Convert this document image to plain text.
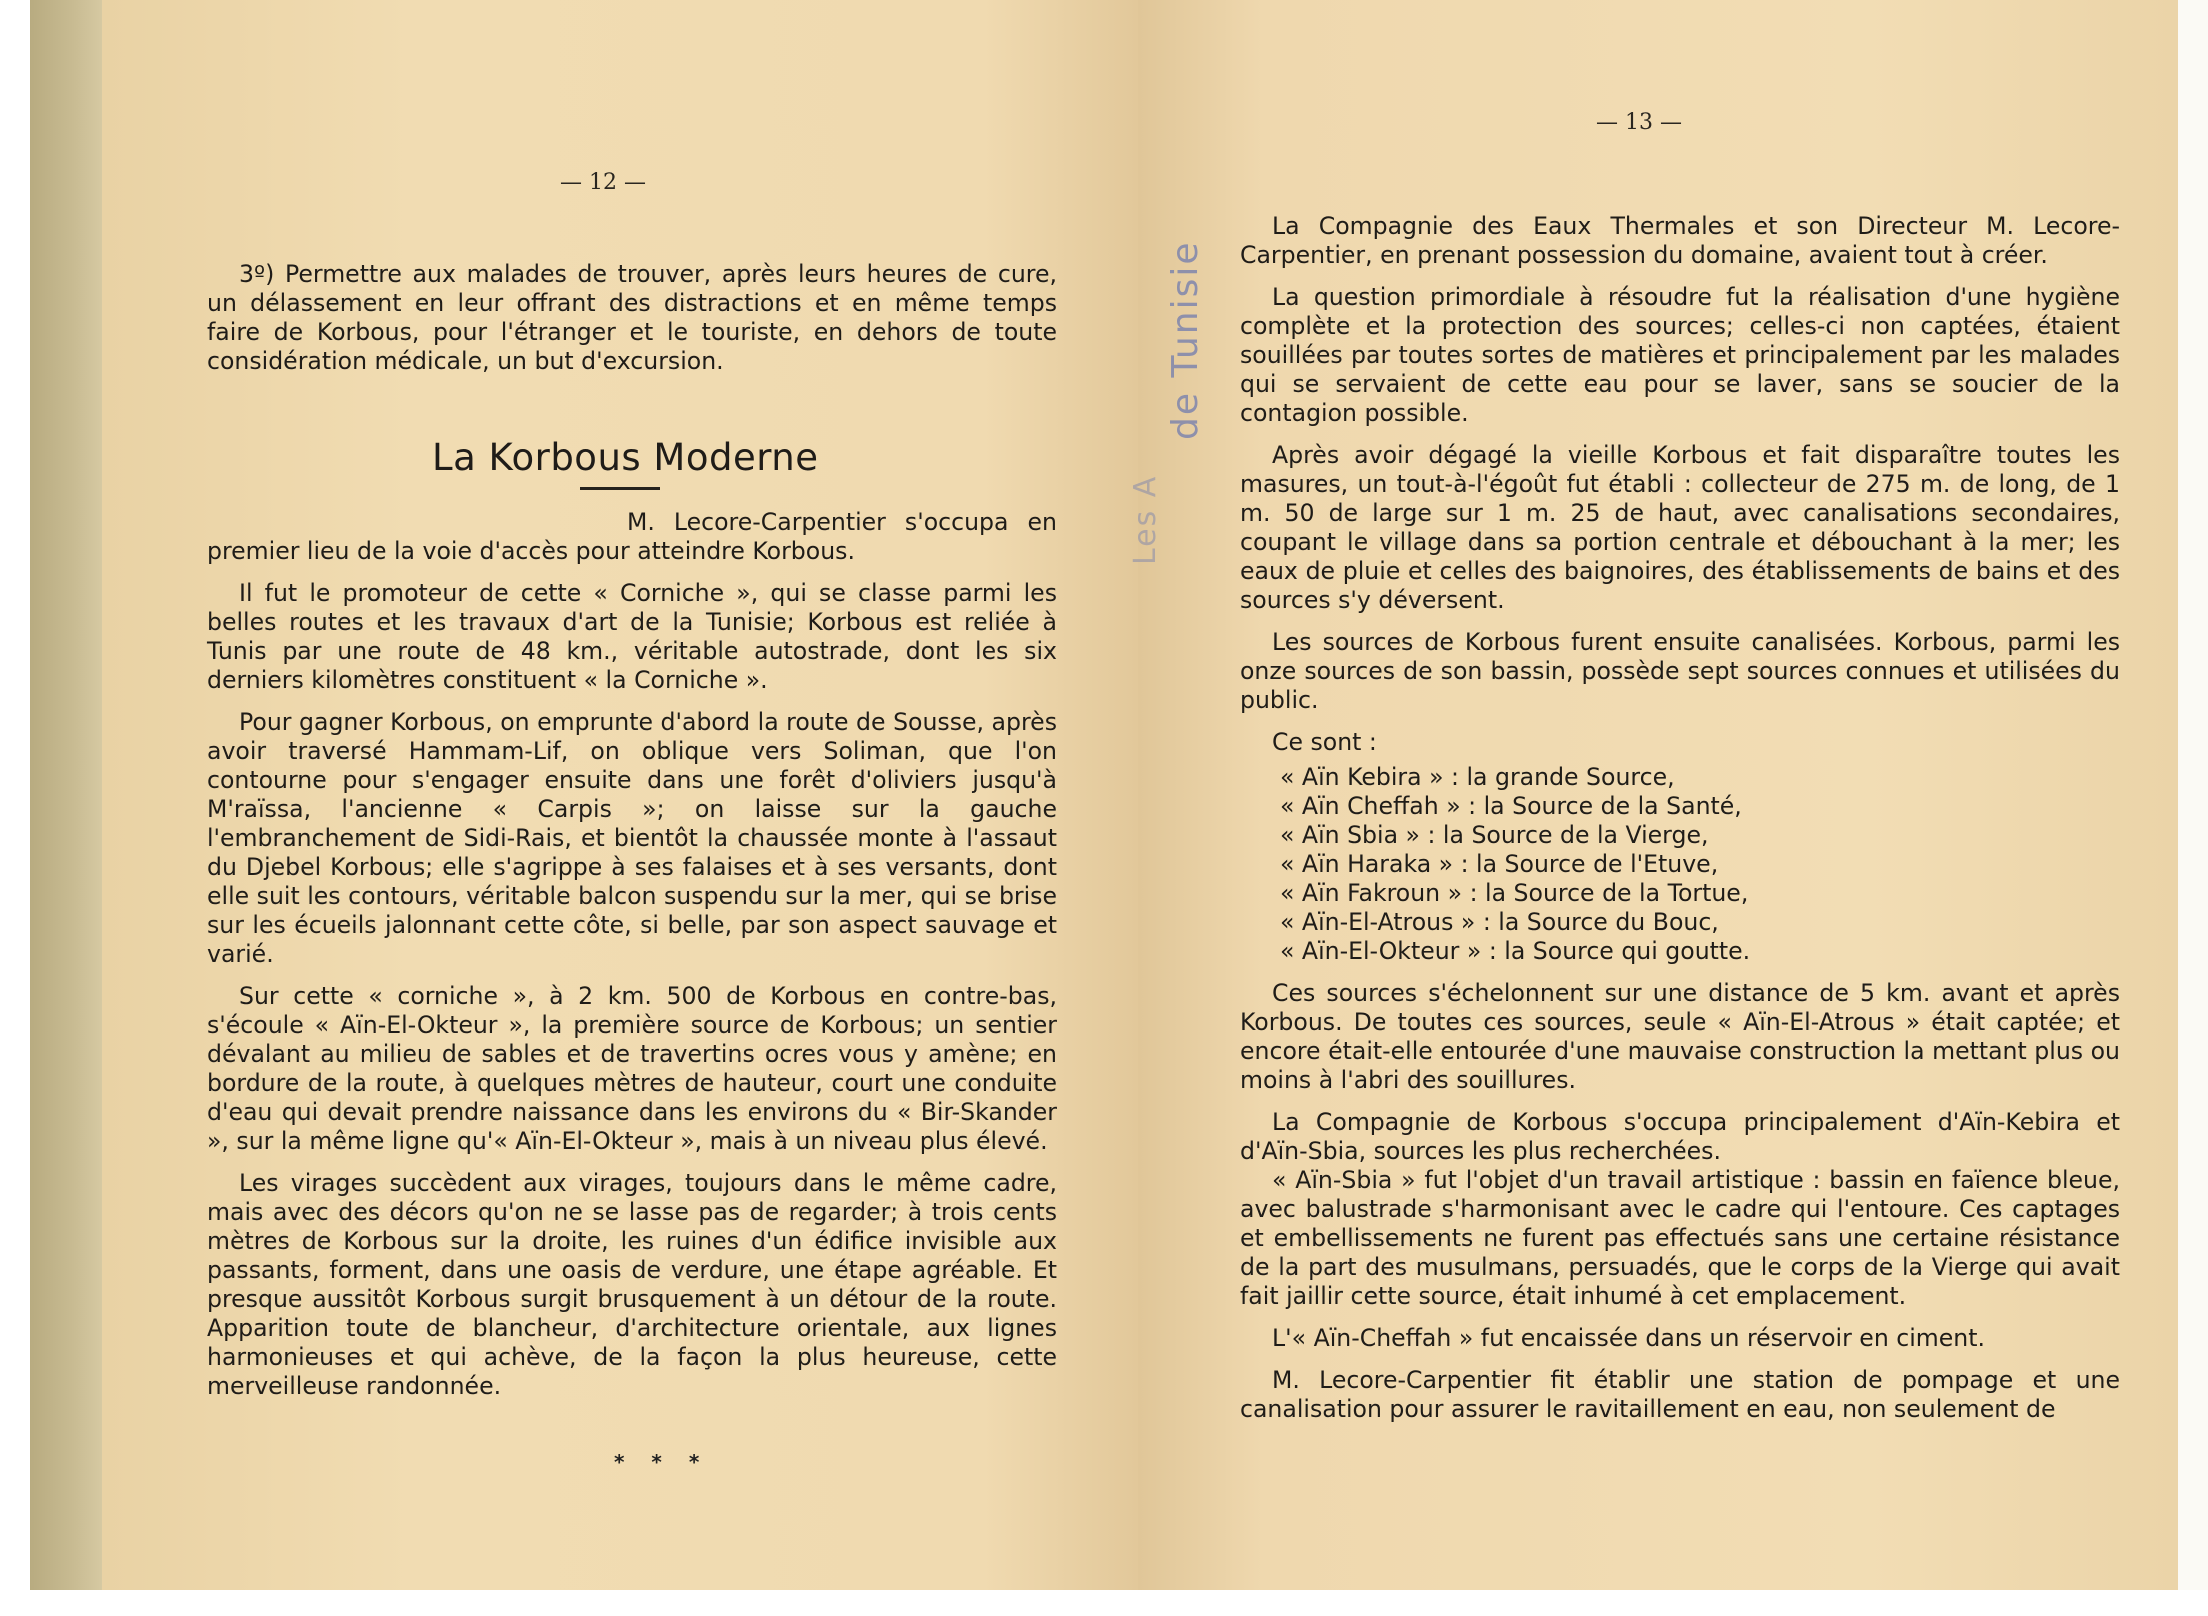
— 12 —

3º) Permettre aux malades de trouver, après leurs heures de cure, un délassement en leur offrant des distractions et en même temps faire de Korbous, pour l'étranger et le touriste, en dehors de toute considération médicale, un but d'excursion.

La Korbous Moderne

M. Lecore-Carpentier s'occupa en premier lieu de la voie d'accès pour atteindre Korbous.

Il fut le promoteur de cette « Corniche », qui se classe parmi les belles routes et les travaux d'art de la Tunisie; Korbous est reliée à Tunis par une route de 48 km., véritable autostrade, dont les six derniers kilomètres constituent « la Corniche ».

Pour gagner Korbous, on emprunte d'abord la route de Sousse, après avoir traversé Hammam-Lif, on oblique vers Soliman, que l'on contourne pour s'engager ensuite dans une forêt d'oliviers jusqu'à M'raïssa, l'ancienne « Carpis »; on laisse sur la gauche l'embranchement de Sidi-Rais, et bientôt la chaussée monte à l'assaut du Djebel Korbous; elle s'agrippe à ses falaises et à ses versants, dont elle suit les contours, véritable balcon suspendu sur la mer, qui se brise sur les écueils jalonnant cette côte, si belle, par son aspect sauvage et varié.

Sur cette « corniche », à 2 km. 500 de Korbous en contre-bas, s'écoule « Aïn-El-Okteur », la première source de Korbous; un sentier dévalant au milieu de sables et de travertins ocres vous y amène; en bordure de la route, à quelques mètres de hauteur, court une conduite d'eau qui devait prendre naissance dans les environs du « Bir-Skander », sur la même ligne qu'« Aïn-El-Okteur », mais à un niveau plus élevé.

Les virages succèdent aux virages, toujours dans le même cadre, mais avec des décors qu'on ne se lasse pas de regarder; à trois cents mètres de Korbous sur la droite, les ruines d'un édifice invisible aux passants, forment, dans une oasis de verdure, une étape agréable. Et presque aussitôt Korbous surgit brusquement à un détour de la route. Apparition toute de blancheur, d'architecture orientale, aux lignes harmonieuses et qui achève, de la façon la plus heureuse, cette merveilleuse randonnée.

* * *
— 13 —

La Compagnie des Eaux Thermales et son Directeur M. Lecore-Carpentier, en prenant possession du domaine, avaient tout à créer.

La question primordiale à résoudre fut la réalisation d'une hygiène complète et la protection des sources; celles-ci non captées, étaient souillées par toutes sortes de matières et principalement par les malades qui se servaient de cette eau pour se laver, sans se soucier de la contagion possible.

Après avoir dégagé la vieille Korbous et fait disparaître toutes les masures, un tout-à-l'égoût fut établi : collecteur de 275 m. de long, de 1 m. 50 de large sur 1 m. 25 de haut, avec canalisations secondaires, coupant le village dans sa portion centrale et débouchant à la mer; les eaux de pluie et celles des baignoires, des établissements de bains et des sources s'y déversent.

Les sources de Korbous furent ensuite canalisées. Korbous, parmi les onze sources de son bassin, possède sept sources connues et utilisées du public.

Ce sont :

« Aïn Kebira » : la grande Source,
« Aïn Cheffah » : la Source de la Santé,
« Aïn Sbia » : la Source de la Vierge,
« Aïn Haraka » : la Source de l'Etuve,
« Aïn Fakroun » : la Source de la Tortue,
« Aïn-El-Atrous » : la Source du Bouc,
« Aïn-El-Okteur » : la Source qui goutte.

Ces sources s'échelonnent sur une distance de 5 km. avant et après Korbous. De toutes ces sources, seule « Aïn-El-Atrous » était captée; et encore était-elle entourée d'une mauvaise construction la mettant plus ou moins à l'abri des souillures.

La Compagnie de Korbous s'occupa principalement d'Aïn-Kebira et d'Aïn-Sbia, sources les plus recherchées.

« Aïn-Sbia » fut l'objet d'un travail artistique : bassin en faïence bleue, avec balustrade s'harmonisant avec le cadre qui l'entoure. Ces captages et embellissements ne furent pas effectués sans une certaine résistance de la part des musulmans, persuadés, que le corps de la Vierge qui avait fait jaillir cette source, était inhumé à cet emplacement.

L'« Aïn-Cheffah » fut encaissée dans un réservoir en ciment.

M. Lecore-Carpentier fit établir une station de pompage et une canalisation pour assurer le ravitaillement en eau, non seulement de

de Tunisie
Les A
